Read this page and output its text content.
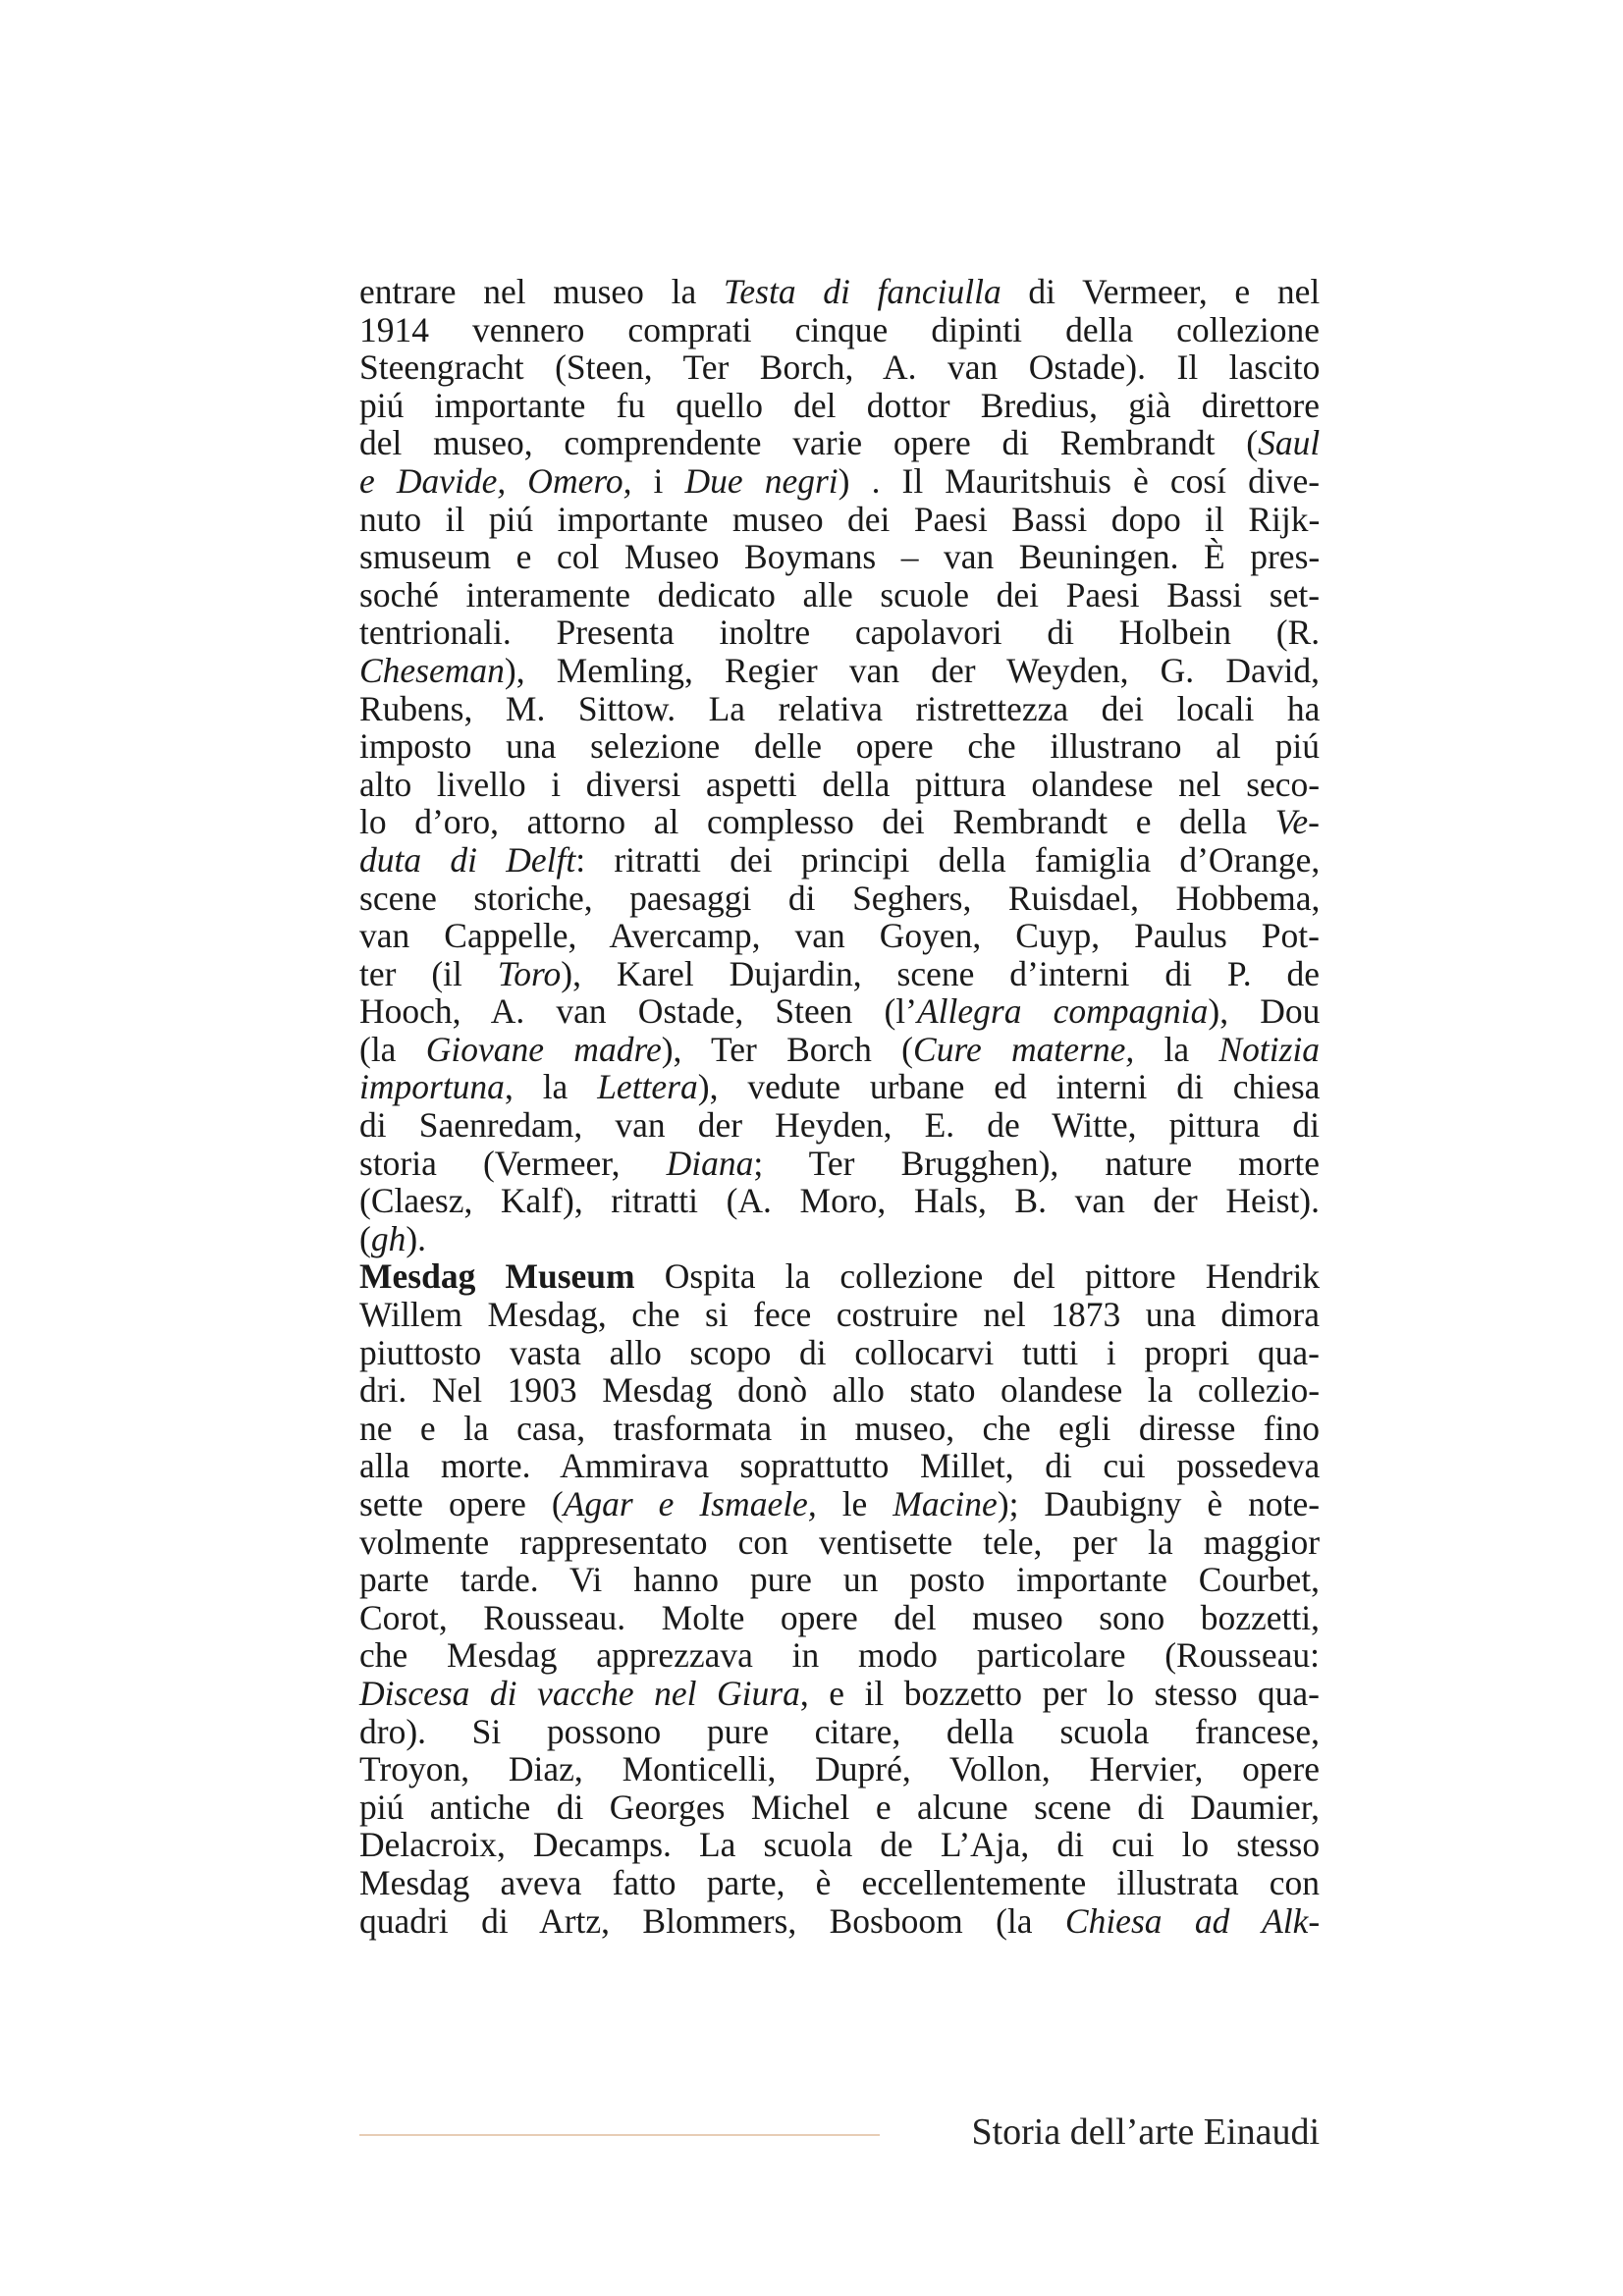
entrare nel museo la Testa di fanciulla di Vermeer, e nel
1914 vennero comprati cinque dipinti della collezione
Steengracht (Steen, Ter Borch, A. van Ostade). Il lascito
piú importante fu quello del dottor Bredius, già direttore
del museo, comprendente varie opere di Rembrandt (Saul
e Davide, Omero, i Due negri) . Il Mauritshuis è cosí dive-
nuto il piú importante museo dei Paesi Bassi dopo il Rijk-
smuseum e col Museo Boymans – van Beuningen. È pres-
soché interamente dedicato alle scuole dei Paesi Bassi set-
tentrionali. Presenta inoltre capolavori di Holbein (R.
Cheseman), Memling, Regier van der Weyden, G. David,
Rubens, M. Sittow. La relativa ristrettezza dei locali ha
imposto una selezione delle opere che illustrano al piú
alto livello i diversi aspetti della pittura olandese nel seco-
lo d’oro, attorno al complesso dei Rembrandt e della Ve-
duta di Delft: ritratti dei principi della famiglia d’Orange,
scene storiche, paesaggi di Seghers, Ruisdael, Hobbema,
van Cappelle, Avercamp, van Goyen, Cuyp, Paulus Pot-
ter (il Toro), Karel Dujardin, scene d’interni di P. de
Hooch, A. van Ostade, Steen (l’Allegra compagnia), Dou
(la Giovane madre), Ter Borch (Cure materne, la Notizia
importuna, la Lettera), vedute urbane ed interni di chiesa
di Saenredam, van der Heyden, E. de Witte, pittura di
storia (Vermeer, Diana; Ter Brugghen), nature morte
(Claesz, Kalf), ritratti (A. Moro, Hals, B. van der Heist).
(gh).

Mesdag Museum Ospita la collezione del pittore Hendrik
Willem Mesdag, che si fece costruire nel 1873 una dimora
piuttosto vasta allo scopo di collocarvi tutti i propri qua-
dri. Nel 1903 Mesdag donò allo stato olandese la collezio-
ne e la casa, trasformata in museo, che egli diresse fino
alla morte. Ammirava soprattutto Millet, di cui possedeva
sette opere (Agar e Ismaele, le Macine); Daubigny è note-
volmente rappresentato con ventisette tele, per la maggior
parte tarde. Vi hanno pure un posto importante Courbet,
Corot, Rousseau. Molte opere del museo sono bozzetti,
che Mesdag apprezzava in modo particolare (Rousseau:
Discesa di vacche nel Giura, e il bozzetto per lo stesso qua-
dro). Si possono pure citare, della scuola francese,
Troyon, Diaz, Monticelli, Dupré, Vollon, Hervier, opere
piú antiche di Georges Michel e alcune scene di Daumier,
Delacroix, Decamps. La scuola de L’Aja, di cui lo stesso
Mesdag aveva fatto parte, è eccellentemente illustrata con
quadri di Artz, Blommers, Bosboom (la Chiesa ad Alk-

Storia dell’arte Einaudi
